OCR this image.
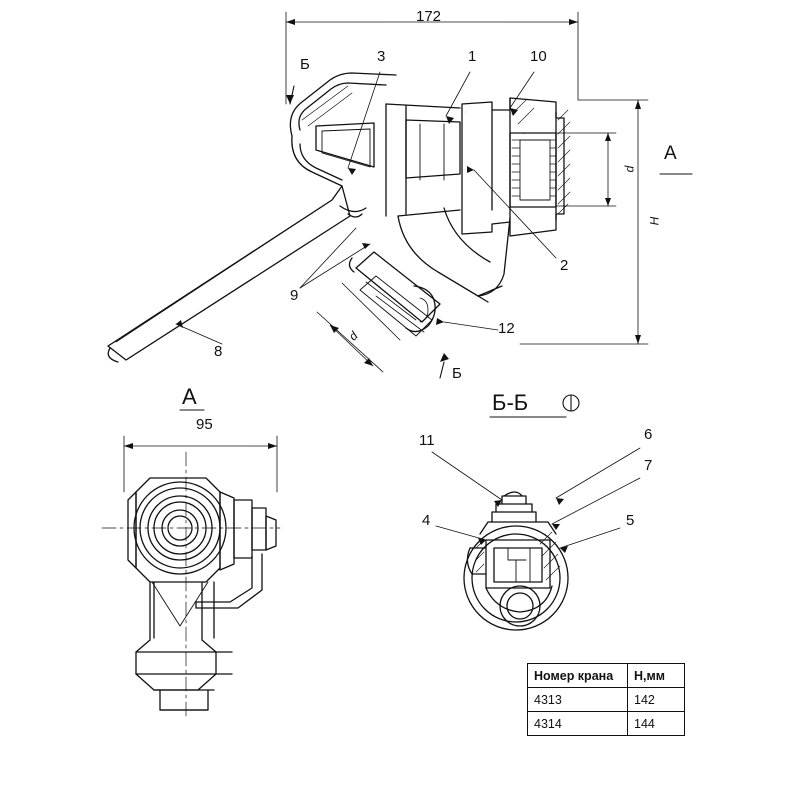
172
Б
Б
А
d
H
d
А	Б-Б
95
1
2
3
4	5
6
7
8
9
10
11
12
Номер крана	H,мм
4313	142
4314	144
